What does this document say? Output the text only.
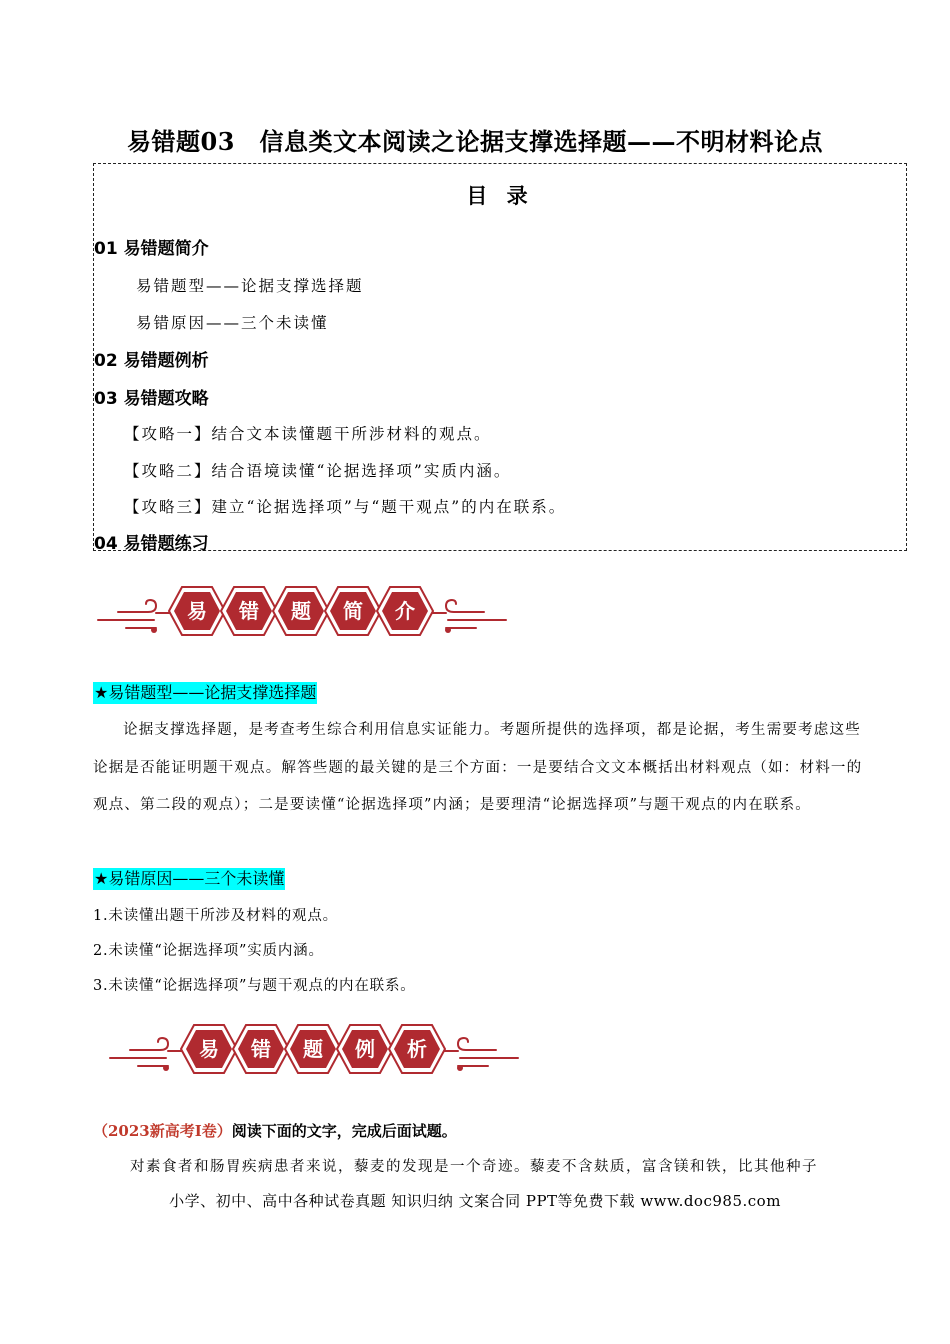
易错题03　信息类文本阅读之论据支撑选择题——不明材料论点
目 录
01 易错题简介
易错题型——论据支撑选择题
易错原因——三个未读懂
02 易错题例析
03 易错题攻略
【攻略一】结合文本读懂题干所涉材料的观点。
【攻略二】结合语境读懂“论据选择项”实质内涵。
【攻略三】建立“论据选择项”与“题干观点”的内在联系。
04 易错题练习
易	错	题	简	介
★易错题型——论据支撑选择题
论据支撑选择题，是考查考生综合利用信息实证能力。考题所提供的选择项，都是论据，考生需要考虑这些论据是否能证明题干观点。解答些题的最关键的是三个方面：一是要结合文文本概括出材料观点（如：材料一的观点、第二段的观点）；二是要读懂“论据选择项”内涵；是要理清“论据选择项”与题干观点的内在联系。
★易错原因——三个未读懂
1.未读懂出题干所涉及材料的观点。
2.未读懂“论据选择项”实质内涵。
3.未读懂“论据选择项”与题干观点的内在联系。
易	错	题	例	析
（2023新高考Ⅰ卷）阅读下面的文字，完成后面试题。
对素食者和肠胃疾病患者来说，藜麦的发现是一个奇迹。藜麦不含麸质，富含镁和铁，比其他种子
小学、初中、高中各种试卷真题 知识归纳 文案合同 PPT等免费下载 www.doc985.com
